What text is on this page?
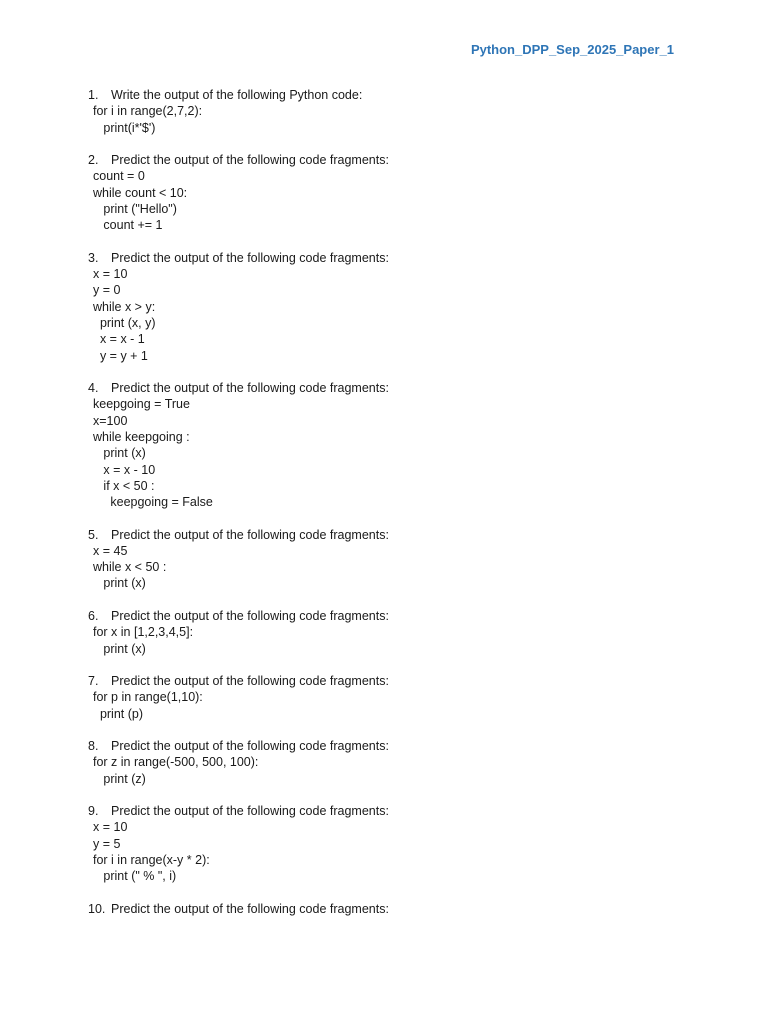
Python_DPP_Sep_2025_Paper_1
1.	Write the output of the following Python code:
for i in range(2,7,2):
print(i*'$')
2.	Predict the output of the following code fragments:
count = 0
while count < 10:
print ("Hello")
count += 1
3.	Predict the output of the following code fragments:
x = 10
y = 0
while x > y:
print (x, y)
x = x - 1
y = y + 1
4.	Predict the output of the following code fragments:
keepgoing = True
x=100
while keepgoing :
print (x)
x = x - 10
if x < 50 :
keepgoing = False
5.	Predict the output of the following code fragments:
x = 45
while x < 50 :
print (x)
6.	Predict the output of the following code fragments:
for x in [1,2,3,4,5]:
print (x)
7.	Predict the output of the following code fragments:
for p in range(1,10):
print (p)
8.	Predict the output of the following code fragments:
for z in range(-500, 500, 100):
print (z)
9.	Predict the output of the following code fragments:
x = 10
y = 5
for i in range(x-y * 2):
print (" % ", i)
10. Predict the output of the following code fragments:
